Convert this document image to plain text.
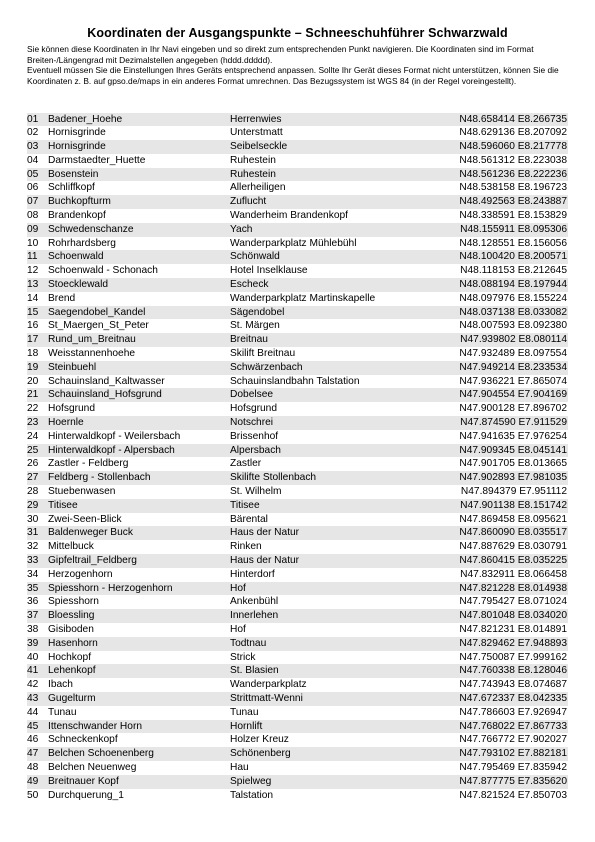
Koordinaten der Ausgangspunkte – Schneeschuhführer Schwarzwald

Sie können diese Koordinaten in Ihr Navi eingeben und so direkt zum entsprechenden Punkt navigieren. Die Koordinaten sind im Format Breiten-/Längengrad mit Dezimalstellen angegeben (hddd.ddddd).

Eventuell müssen Sie die Einstellungen Ihres Geräts entsprechend anpassen. Sollte Ihr Gerät dieses Format nicht unterstützen, können Sie die Koordinaten z. B. auf gpso.de/maps in ein anderes Format umrechnen. Das Bezugssystem ist WGS 84 (in der Regel voreingestellt).

01 Badener_Hoehe	Herrenwies	N48.658414 E8.266735
02 Hornisgrinde	Unterstmatt	N48.629136 E8.207092
03 Hornisgrinde	Seibelseckle	N48.596060 E8.217778
04 Darmstaedter_Huette	Ruhestein	N48.561312 E8.223038
05 Bosenstein	Ruhestein	N48.561236 E8.222236
06 Schliffkopf	Allerheiligen	N48.538158 E8.196723
07 Buchkopfturm	Zuflucht	N48.492563 E8.243887
08 Brandenkopf	Wanderheim Brandenkopf	N48.338591 E8.153829
09 Schwedenschanze	Yach	N48.155911 E8.095306
10 Rohrhardsberg	Wanderparkplatz Mühlebühl	N48.128551 E8.156056
11	Schoenwald	Schönwald	N48.100420 E8.200571
12 Schoenwald - Schonach	Hotel Inselklause	N48.118153 E8.212645
13 Stoecklewald	Escheck	N48.088194 E8.197944
14 Brend	Wanderparkplatz Martinskapelle	N48.097976 E8.155224
15 Saegendobel_Kandel	Sägendobel	N48.037138 E8.033082
16 St_Maergen_St_Peter	St. Märgen	N48.007593 E8.092380
17 Rund_um_Breitnau	Breitnau	N47.939802 E8.080114
18 Weisstannenhoehe	Skilift Breitnau	N47.932489 E8.097554
19 Steinbuehl	Schwärzenbach	N47.949214 E8.233534
20 Schauinsland_Kaltwasser	Schauinslandbahn Talstation	N47.936221 E7.865074
21 Schauinsland_Hofsgrund	Dobelsee	N47.904554 E7.904169
22 Hofsgrund	Hofsgrund	N47.900128 E7.896702
23 Hoernle	Notschrei	N47.874590 E7.911529
24 Hinterwaldkopf - Weilersbach	Brissenhof	N47.941635 E7.976254
25 Hinterwaldkopf - Alpersbach	Alpersbach	N47.909345 E8.045141
26 Zastler - Feldberg	Zastler	N47.901705 E8.013665
27 Feldberg - Stollenbach	Skilifte Stollenbach	N47.902893 E7.981035
28 Stuebenwasen	St. Wilhelm	N47.894379 E7.951112
29 Titisee	Titisee	N47.901138 E8.151742
30 Zwei-Seen-Blick	Bärental	N47.869458 E8.095621
31 Baldenweger Buck	Haus der Natur	N47.860090 E8.035517
32 Mittelbuck	Rinken	N47.887629 E8.030791
33 Gipfeltrail_Feldberg	Haus der Natur	N47.860415 E8.035225
34 Herzogenhorn	Hinterdorf	N47.832911 E8.066458
35 Spiesshorn - Herzogenhorn	Hof	N47.821228 E8.014938
36 Spiesshorn	Ankenbühl	N47.795427 E8.071024
37 Bloessling	Innerlehen	N47.801048 E8.034020
38 Gisiboden	Hof	N47.821231 E8.014891
39 Hasenhorn	Todtnau	N47.829462 E7.948893
40 Hochkopf	Strick	N47.750087 E7.999162
41 Lehenkopf	St. Blasien	N47.760338 E8.128046
42 Ibach	Wanderparkplatz	N47.743943 E8.074687
43 Gugelturm	Strittmatt-Wenni	N47.672337 E8.042335
44 Tunau	Tunau	N47.786603 E7.926947
45 Ittenschwander Horn	Hornlift	N47.768022 E7.867733
46 Schneckenkopf	Holzer Kreuz	N47.766772 E7.902027
47 Belchen Schoenenberg	Schönenberg	N47.793102 E7.882181
48 Belchen Neuenweg	Hau	N47.795469 E7.835942
49 Breitnauer Kopf	Spielweg	N47.877775 E7.835620
50 Durchquerung_1	Talstation	N47.821524 E7.850703
